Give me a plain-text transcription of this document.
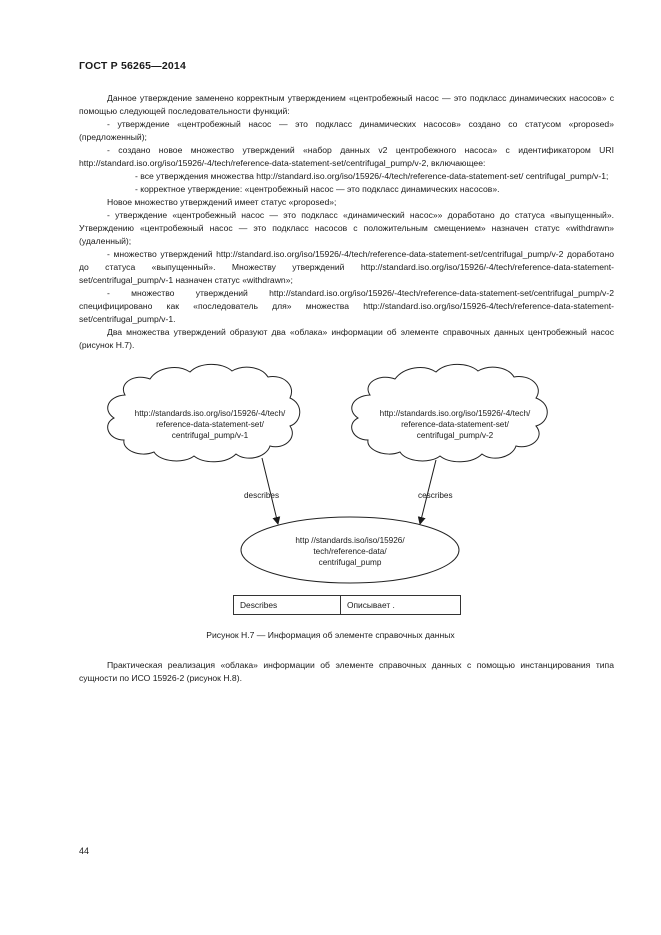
ГОСТ Р 56265—2014

Данное утверждение заменено корректным утверждением «центробежный насос — это подкласс динамических насосов» с помощью следующей последовательности функций:

- утверждение «центробежный насос — это подкласс динамических насосов» создано со статусом «proposed» (предложенный);

- создано новое множество утверждений «набор данных v2 центробежного насоса» с идентификатором URI http://standard.iso.org/iso/15926/-4/tech/reference-data-statement-set/centrifugal_pump/v-2, включающее:

- все утверждения множества http://standard.iso.org/iso/15926/-4/tech/reference-data-statement-set/ centrifugal_pump/v-1;

- корректное утверждение: «центробежный насос — это подкласс динамических насосов».

Новое множество утверждений имеет статус «proposed»;

- утверждение «центробежный насос — это подкласс «динамический насос»» доработано до статуса «выпущенный». Утверждению «центробежный насос — это подкласс насосов с положительным смещением» назначен статус «withdrawn» (удаленный);

- множество утверждений http://standard.iso.org/iso/15926/-4/tech/reference-data-statement-set/centrifugal_pump/v-2 доработано до статуса «выпущенный». Множеству утверждений http://standard.iso.org/iso/15926/-4/tech/reference-data-statement-set/centrifugal_pump/v-1 назначен статус «withdrawn»;

- множество утверждений http://standard.iso.org/iso/15926/-4tech/reference-data-statement-set/centrifugal_pump/v-2 специфицировано как «последователь для» множества http://standard.iso.org/iso/15926-4/tech/reference-data-statement-set/centrifugal_pump/v-1.

Два множества утверждений образуют два «облака» информации об элементе справочных данных центробежный насос (рисунок Н.7).

http://standards.iso.org/iso/15926/-4/tech/
reference-data-statement-set/
centrifugal_pump/v-1
http://standards.iso.org/iso/15926/-4/tech/
reference-data-statement-set/
centrifugal_pump/v-2
describes	cescribes
http //standards.iso/iso/15926/
tech/reference-data/
centrifugal_pump
Describes	Описывает .
Рисунок Н.7 — Информация об элементе справочных данных

Практическая реализация «облака» информации об элементе справочных данных с помощью инстанцирования типа сущности по ИСО 15926-2 (рисунок Н.8).

44
